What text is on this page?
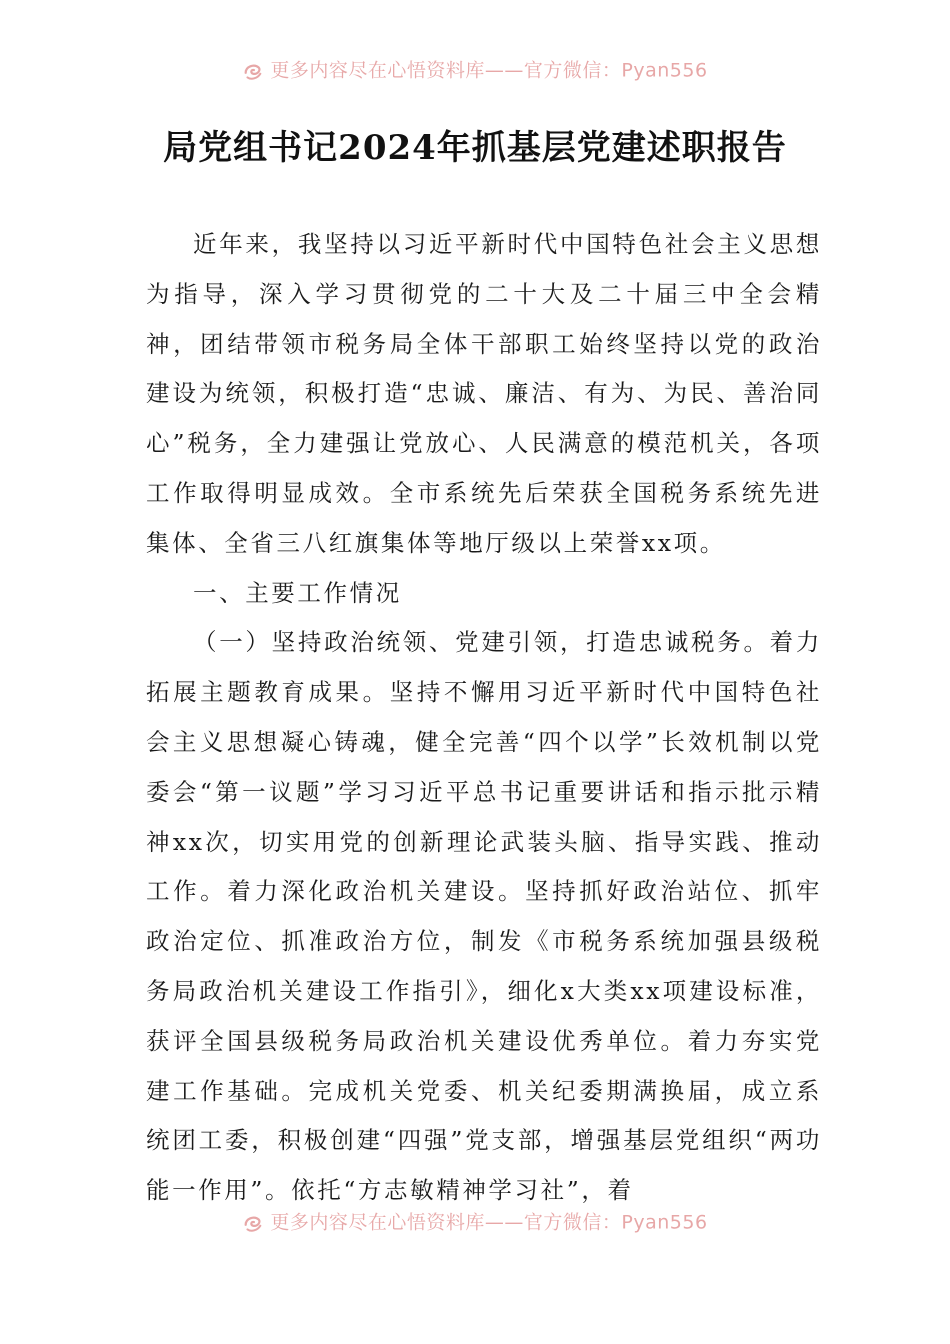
更多内容尽在心悟资料库——官方微信：Pyan556
局党组书记2024年抓基层党建述职报告

近年来，我坚持以习近平新时代中国特色社会主义思想为指导，深入学习贯彻党的二十大及二十届三中全会精神，团结带领市税务局全体干部职工始终坚持以党的政治建设为统领，积极打造“忠诚、廉洁、有为、为民、善治同心”税务，全力建强让党放心、人民满意的模范机关，各项工作取得明显成效。全市系统先后荣获全国税务系统先进集体、全省三八红旗集体等地厅级以上荣誉xx项。

一、主要工作情况

（一）坚持政治统领、党建引领，打造忠诚税务。着力拓展主题教育成果。坚持不懈用习近平新时代中国特色社会主义思想凝心铸魂，健全完善“四个以学”长效机制以党委会“第一议题”学习习近平总书记重要讲话和指示批示精神xx次，切实用党的创新理论武装头脑、指导实践、推动工作。着力深化政治机关建设。坚持抓好政治站位、抓牢政治定位、抓准政治方位，制发《市税务系统加强县级税务局政治机关建设工作指引》，细化x大类xx项建设标准，获评全国县级税务局政治机关建设优秀单位。着力夯实党建工作基础。完成机关党委、机关纪委期满换届，成立系统团工委，积极创建“四强”党支部，增强基层党组织“两功能一作用”。依托“方志敏精神学习社”，着

更多内容尽在心悟资料库——官方微信：Pyan556
